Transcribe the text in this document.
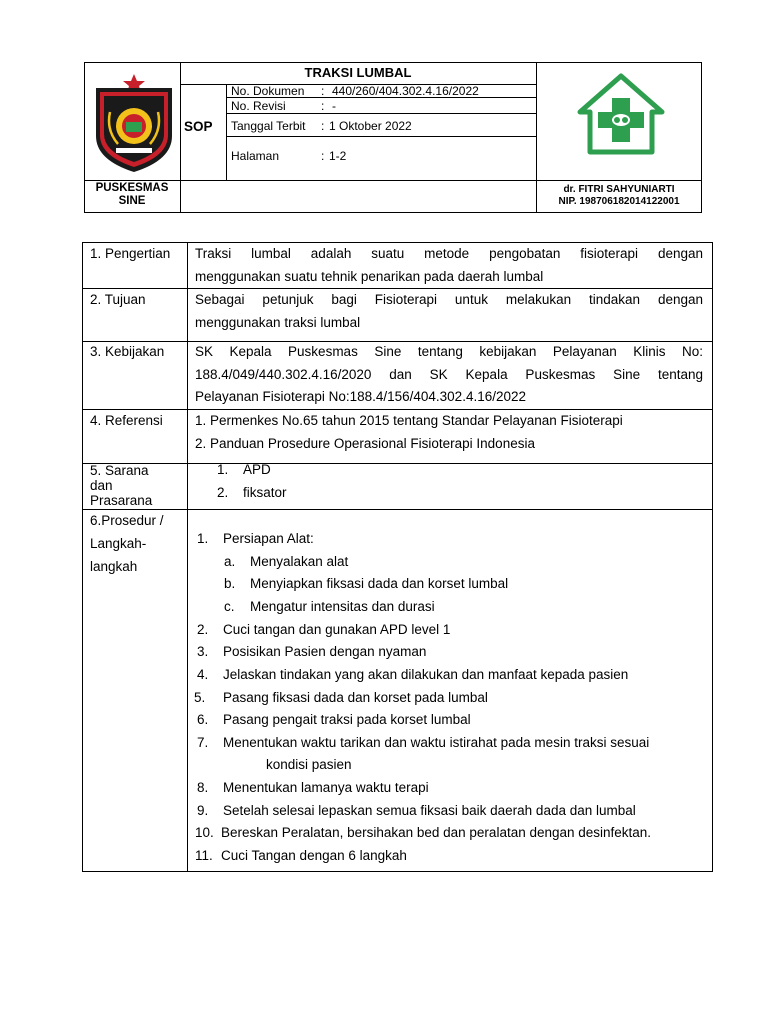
PUSKESMAS
SINE
TRAKSI LUMBAL
SOP
No. Dokumen : 440/260/404.302.4.16/2022
No. Revisi	: -
Tanggal Terbit : 1 Oktober 2022
Halaman	: 1-2
dr. FITRI SAHYUNIARTI
NIP. 198706182014122001
1. Pengertian Traksi lumbal adalah suatu metode pengobatan fisioterapi dengan
menggunakan suatu tehnik penarikan pada daerah lumbal
2. Tujuan	Sebagai petunjuk bagi Fisioterapi untuk melakukan tindakan dengan
menggunakan traksi lumbal
3. Kebijakan SK Kepala Puskesmas Sine tentang kebijakan Pelayanan Klinis No:
188.4/049/440.302.4.16/2020 dan SK Kepala Puskesmas Sine tentang
Pelayanan Fisioterapi No:188.4/156/404.302.4.16/2022
4. Referensi 1. Permenkes No.65 tahun 2015 tentang Standar Pelayanan Fisioterapi
2. Panduan Prosedure Operasional Fisioterapi Indonesia
5. Sarana
dan
Prasarana
1. APD
2. fiksator
6.Prosedur /
Langkah-
langkah
1. Persiapan Alat:
a. Menyalakan alat
b. Menyiapkan fiksasi dada dan korset lumbal
c. Mengatur intensitas dan durasi
2. Cuci tangan dan gunakan APD level 1
3. Posisikan Pasien dengan nyaman
4. Jelaskan tindakan yang akan dilakukan dan manfaat kepada pasien
5. Pasang fiksasi dada dan korset pada lumbal
6. Pasang pengait traksi pada korset lumbal
7. Menentukan waktu tarikan dan waktu istirahat pada mesin traksi sesuai
kondisi pasien
8. Menentukan lamanya waktu terapi
9. Setelah selesai lepaskan semua fiksasi baik daerah dada dan lumbal
10. Bereskan Peralatan, bersihakan bed dan peralatan dengan desinfektan.
11. Cuci Tangan dengan 6 langkah
